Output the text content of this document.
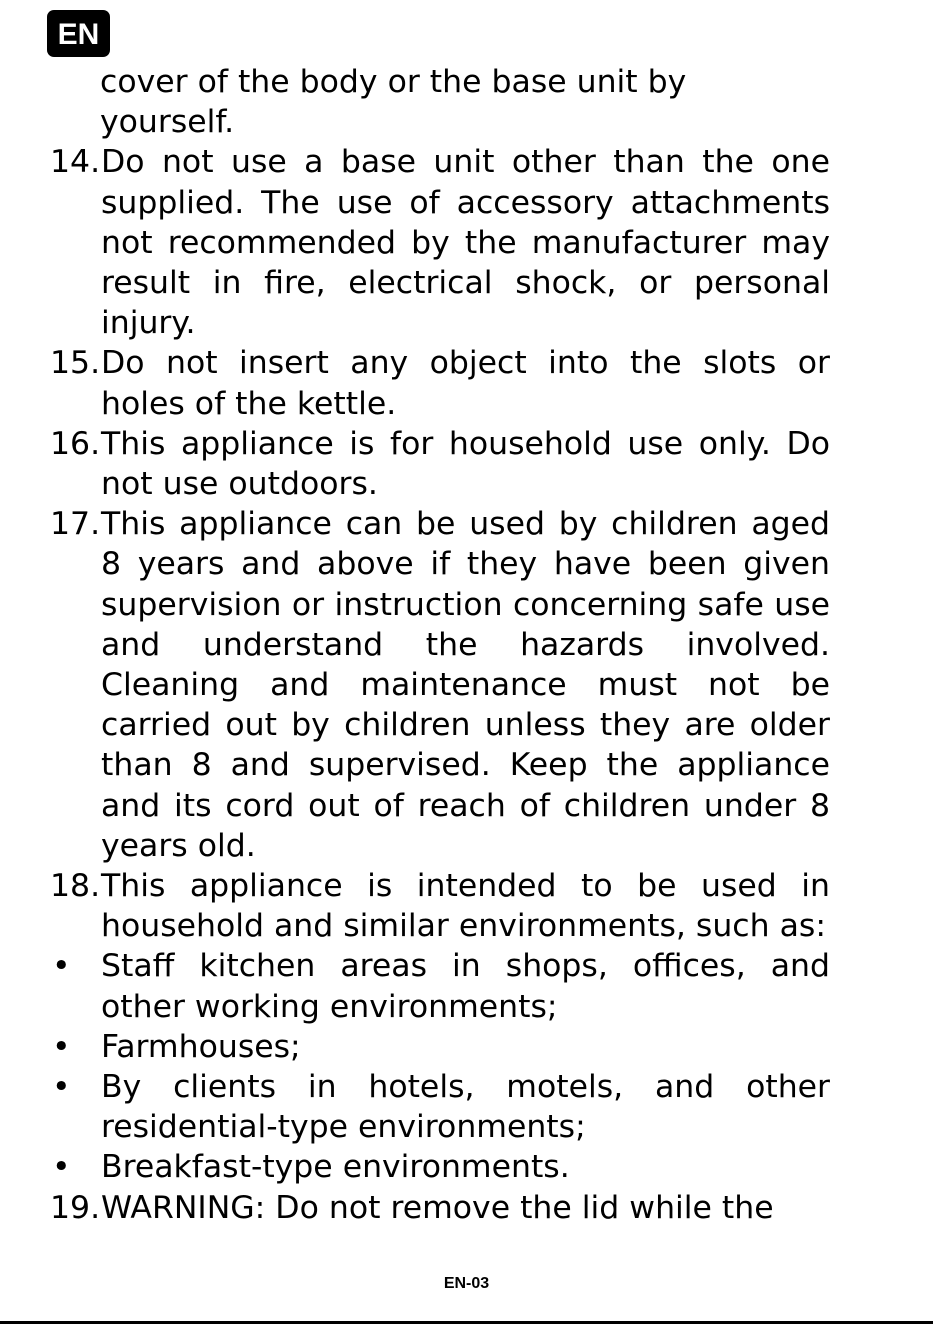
EN
cover of the body or the base unit by yourself.
14. Do not use a base unit other than the one supplied. The use of accessory attachments not recommended by the manufacturer may result in fire, electrical shock, or personal injury.
15. Do not insert any object into the slots or holes of the kettle.
16. This appliance is for household use only. Do not use outdoors.
17. This appliance can be used by children aged 8 years and above if they have been given supervision or instruction concerning safe use and understand the hazards involved. Cleaning and maintenance must not be carried out by children unless they are older than 8 and supervised. Keep the appliance and its cord out of reach of children under 8 years old.
18. This appliance is intended to be used in household and similar environments, such as:
• Staff kitchen areas in shops, offices, and other working environments;
• Farmhouses;
• By clients in hotels, motels, and other residential-type environments;
• Breakfast-type environments.
19. WARNING: Do not remove the lid while the
EN-03
